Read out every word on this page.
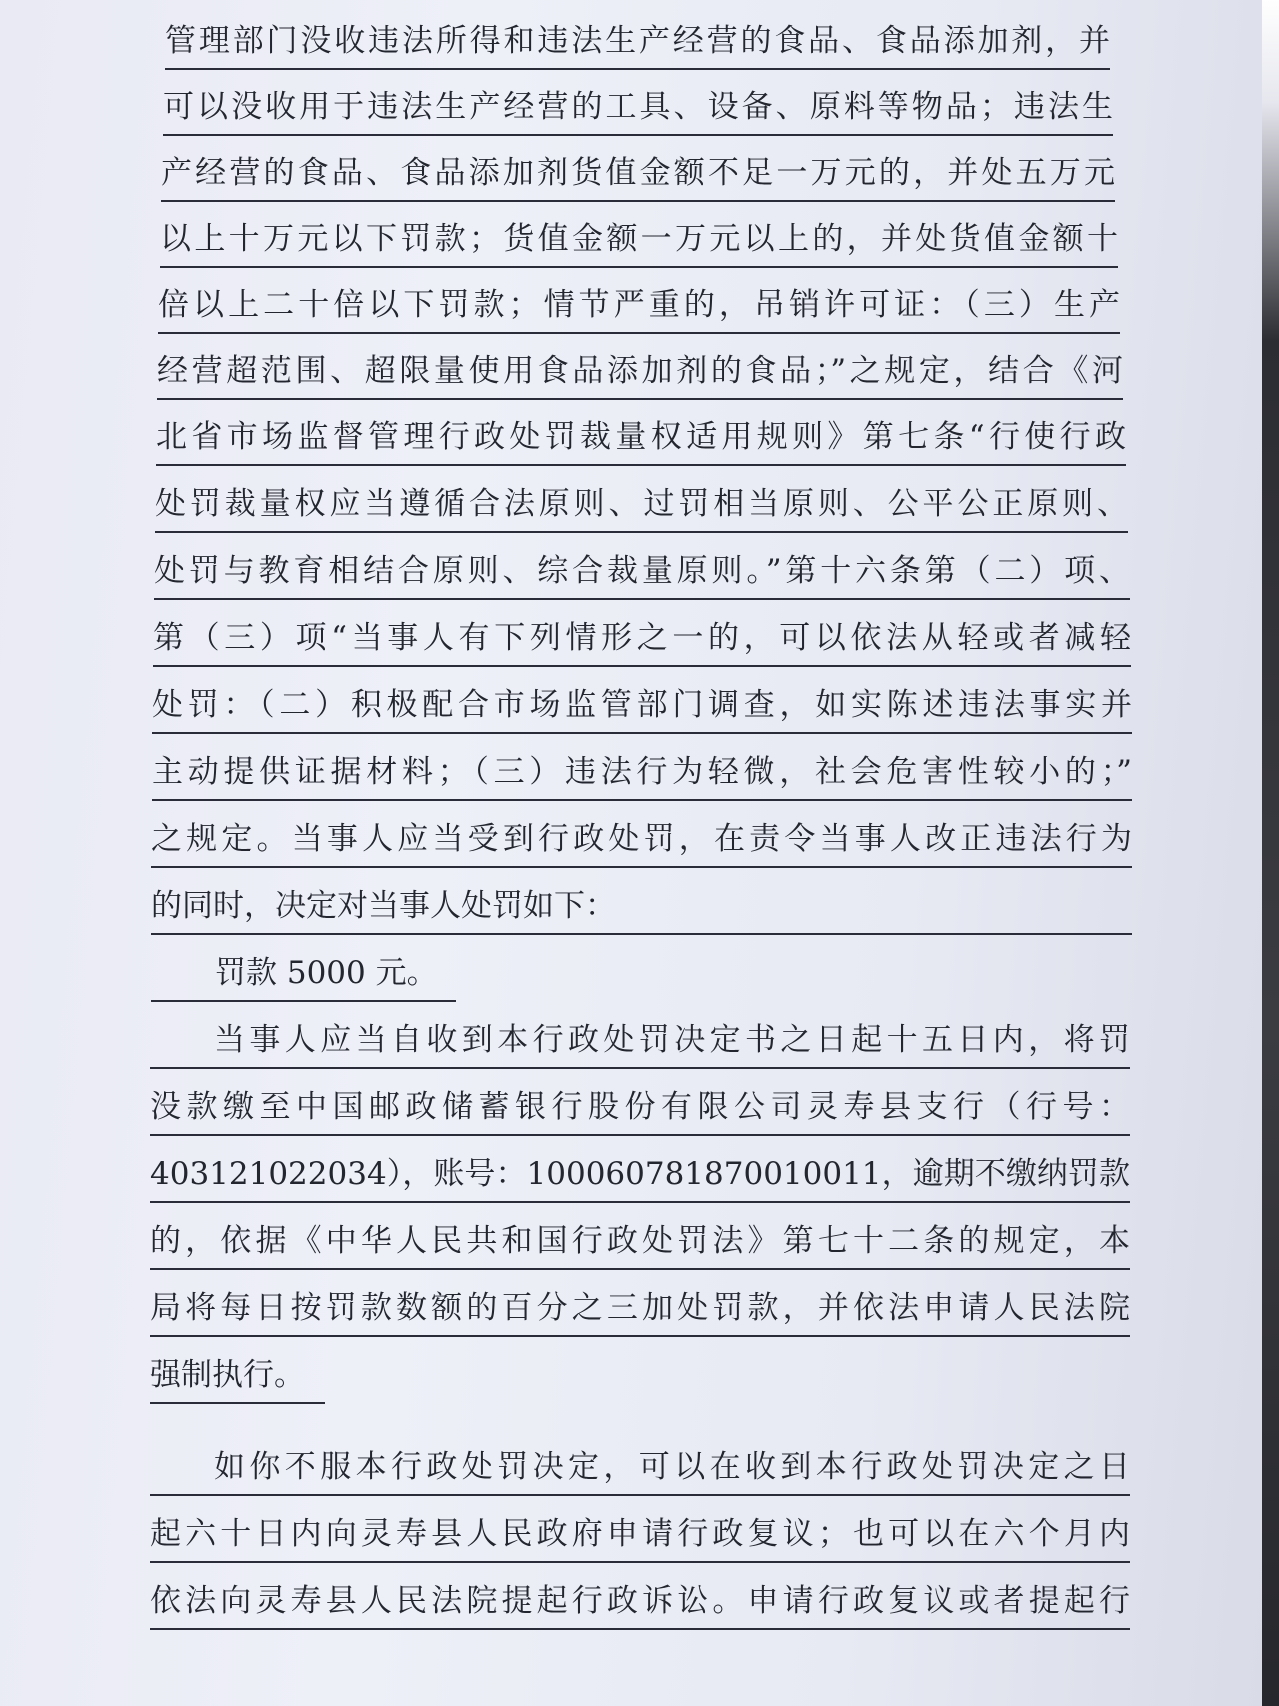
管理部门没收违法所得和违法生产经营的食品、食品添加剂，并
可以没收用于违法生产经营的工具、设备、原料等物品；违法生
产经营的食品、食品添加剂货值金额不足一万元的，并处五万元
以上十万元以下罚款；货值金额一万元以上的，并处货值金额十
倍以上二十倍以下罚款；情节严重的，吊销许可证：（三）生产
经营超范围、超限量使用食品添加剂的食品；”之规定，结合《河
北省市场监督管理行政处罚裁量权适用规则》第七条“行使行政
处罚裁量权应当遵循合法原则、过罚相当原则、公平公正原则、
处罚与教育相结合原则、综合裁量原则。”第十六条第（二）项、
第（三）项“当事人有下列情形之一的，可以依法从轻或者减轻
处罚：（二）积极配合市场监管部门调查，如实陈述违法事实并
主动提供证据材料；（三）违法行为轻微，社会危害性较小的；”
之规定。当事人应当受到行政处罚，在责令当事人改正违法行为
的同时，决定对当事人处罚如下：
罚款 5000 元。
当事人应当自收到本行政处罚决定书之日起十五日内，将罚
没款缴至中国邮政储蓄银行股份有限公司灵寿县支行（行号：
403121022034），账号：100060781870010011，逾期不缴纳罚款
的，依据《中华人民共和国行政处罚法》第七十二条的规定，本
局将每日按罚款数额的百分之三加处罚款，并依法申请人民法院
强制执行。
如你不服本行政处罚决定，可以在收到本行政处罚决定之日
起六十日内向灵寿县人民政府申请行政复议；也可以在六个月内
依法向灵寿县人民法院提起行政诉讼。申请行政复议或者提起行
